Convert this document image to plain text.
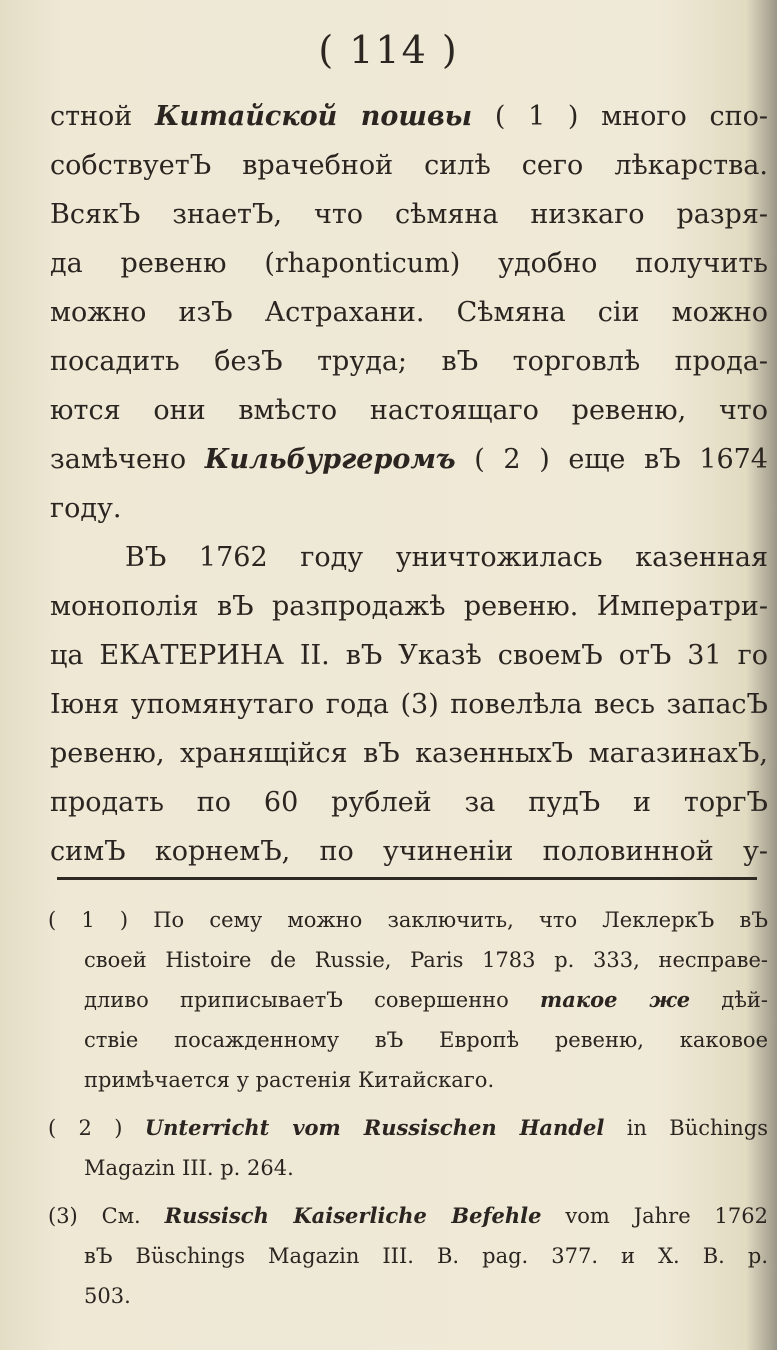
( 114 )
стной Китайской пошвы ( 1 ) много спо-
собствуетЪ врачебной силѣ сего лѣкарства.
ВсякЪ знаетЪ, что сѣмяна низкаго разря-
да ревеню (rhaponticum) удобно получить
можно изЪ Астрахани. Сѣмяна сіи можно
посадить безЪ труда; вЪ торговлѣ прода-
ются они вмѣсто настоящаго ревеню, что
замѣчено Кильбургеромъ ( 2 ) еще вЪ 1674
году.
ВЪ 1762 году уничтожилась казенная
монополія вЪ разпродажѣ ревеню. Императри-
ца ЕКАТЕРИНА II. вЪ Указѣ своемЪ отЪ 31 го
Іюня упомянутаго года (3) повелѣла весь запасЪ
ревеню, хранящійся вЪ казенныхЪ магазинахЪ,
продать по 60 рублей за пудЪ и торгЪ
симЪ корнемЪ, по учиненіи половинной у-
( 1 ) По сему можно заключить, что ЛеклеркЪ вЪ
своей Histoire de Russie, Paris 1783 p. 333, несправе-
дливо приписываетЪ совершенно такое же дѣй-
ствіе посажденному вЪ Европѣ ревеню, каковое
примѣчается у растенія Китайскаго.
( 2 ) Unterricht vom Russischen Handel in Büchings
Magazin III. p. 264.
(3) См. Russisch Kaiserliche Befehle vom Jahre 1762
вЪ Büschings Magazin III. B. pag. 377. и X. B. p.
503.
